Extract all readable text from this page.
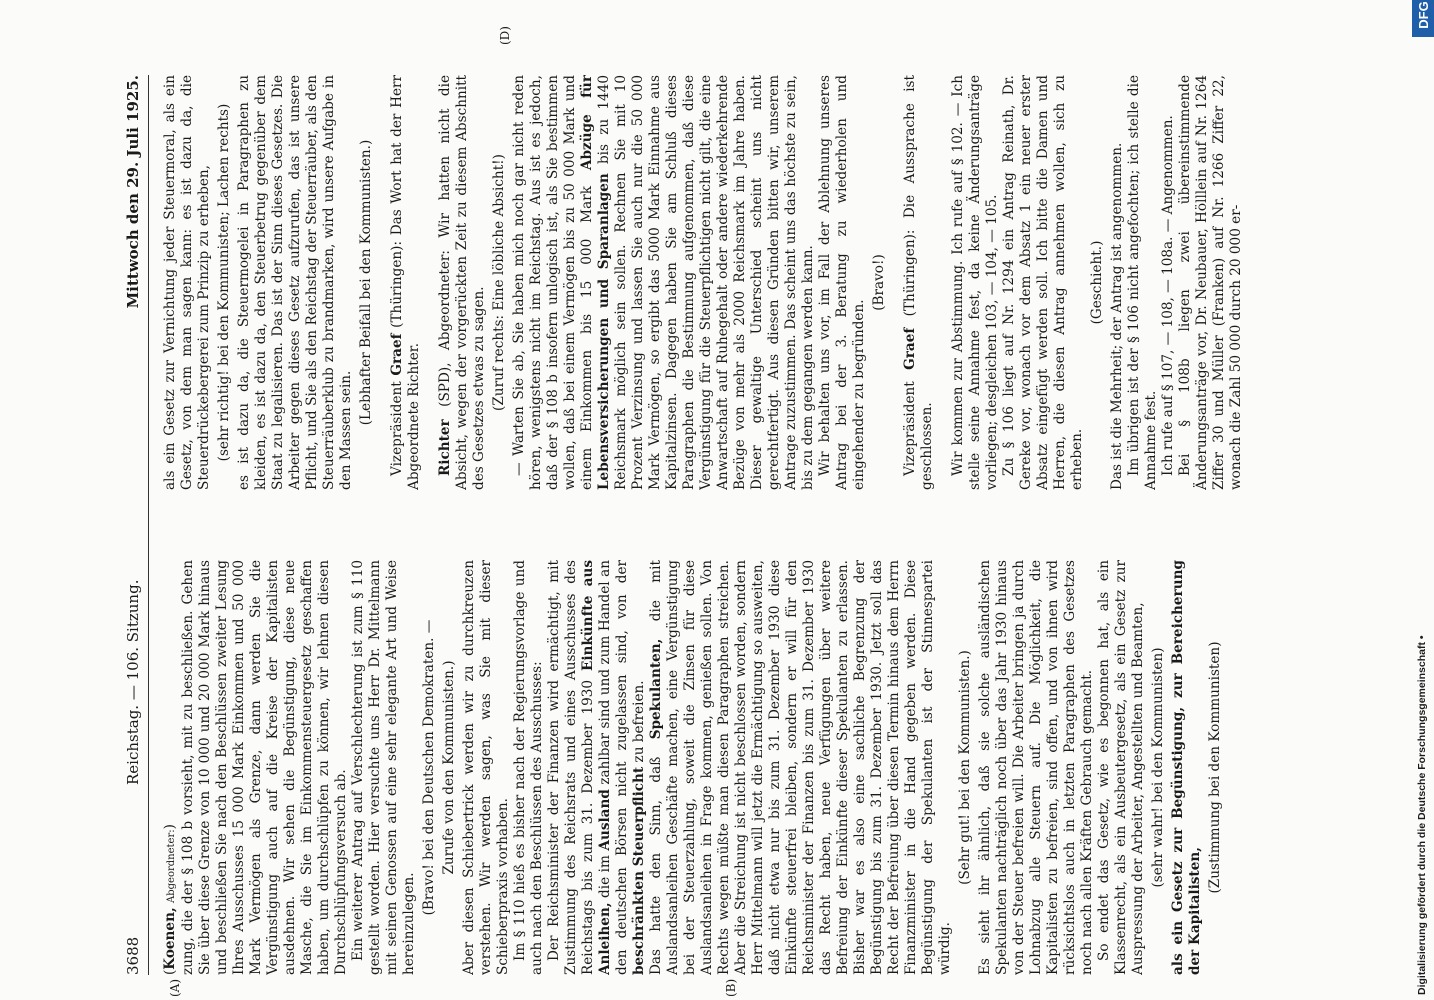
3688
Reichstag. — 106. Sitzung.
Mittwoch den 29. Juli 1925.
(A)	(B)
(D)

(Koenen, Abgeordneter:) zung, die der § 108 b vorsieht, mit zu beschließen. Gehen Sie über diese Grenze von 10 000 und 20 000 Mark hinaus und beschließen Sie nach den Beschlüssen zweiter Lesung Ihres Ausschusses 15 000 Mark Einkommen und 50 000 Mark Vermögen als Grenze, dann werden Sie die Vergünstigung auch auf die Kreise der Kapitalisten ausdehnen. Wir sehen die Begünstigung, diese neue Masche, die Sie im Einkommensteuergesetz geschaffen haben, um durchschlüpfen zu können, wir lehnen diesen Durchschlüpfungsversuch ab. Ein weiterer Antrag auf Verschlechterung ist zum § 110 gestellt worden. Hier versuchte uns Herr Dr. Mittelmann mit seinen Genossen auf eine sehr elegante Art und Weise hereinzulegen.

(Bravo! bei den Deutschen Demokraten. — Zurufe von den Kommunisten.) Aber diesen Schiebertrick werden wir zu durchkreuzen verstehen. Wir werden sagen, was Sie mit dieser Schieberpraxis vorhaben. Im § 110 hieß es bisher nach der Regierungsvorlage und auch nach den Beschlüssen des Ausschusses: Der Reichsminister der Finanzen wird ermächtigt, mit Zustimmung des Reichsrats und eines Ausschusses des Reichstags bis zum 31. Dezember 1930 Einkünfte aus Anleihen, die im Ausland zahlbar sind und zum Handel an den deutschen Börsen nicht zugelassen sind, von der beschränkten Steuerpflicht zu befreien.

Das hatte den Sinn, daß Spekulanten, die mit Auslandsanleihen Geschäfte machen, eine Vergünstigung bei der Steuerzahlung, soweit die Zinsen für diese Auslandsanleihen in Frage kommen, genießen sollen. Von Rechts wegen müßte man diesen Paragraphen streichen. Aber die Streichung ist nicht beschlossen worden, sondern Herr Mittelmann will jetzt die Ermächtigung so ausweiten, daß nicht etwa nur bis zum 31. Dezember 1930 diese Einkünfte steuerfrei bleiben, sondern er will für den Reichsminister der Finanzen bis zum 31. Dezember 1930 das Recht haben, neue Verfügungen über weitere Befreiung der Einkünfte dieser Spekulanten zu erlassen. Bisher war es also eine sachliche Begrenzung der Begünstigung bis zum 31. Dezember 1930. Jetzt soll das Recht der Befreiung über diesen Termin hinaus dem Herrn Finanzminister in die Hand gegeben werden. Diese Begünstigung der Spekulanten ist der Stinnespartei würdig.

(Sehr gut! bei den Kommunisten.) Es sieht ihr ähnlich, daß sie solche ausländischen Spekulanten nachträglich noch über das Jahr 1930 hinaus von der Steuer befreien will. Die Arbeiter bringen ja durch Lohnabzug alle Steuern auf. Die Möglichkeit, die Kapitalisten zu befreien, sind offen, und von ihnen wird rücksichtslos auch in letzten Paragraphen des Gesetzes noch nach allen Kräften Gebrauch gemacht. So endet das Gesetz, wie es begonnen hat, als ein Klassenrecht, als ein Ausbeutergesetz, als ein Gesetz zur Auspressung der Arbeiter, Angestellten und Beamten, (sehr wahr! bei den Kommunisten) als ein Gesetz zur Begünstigung, zur Bereicherung der Kapitalisten,

(Zustimmung bei den Kommunisten)

als ein Gesetz zur Vernichtung jeder Steuermoral, als ein Gesetz, von dem man sagen kann: es ist dazu da, die Steuerdrückebergerei zum Prinzip zu erheben, (sehr richtig! bei den Kommunisten; Lachen rechts) es ist dazu da, die Steuermogelei in Paragraphen zu kleiden, es ist dazu da, den Steuerbetrug gegenüber dem Staat zu legalisieren. Das ist der Sinn dieses Gesetzes. Die Arbeiter gegen dieses Gesetz aufzurufen, das ist unsere Pflicht, und Sie als den Reichstag der Steuerräuber, als den Steuerräuberklub zu brandmarken, wird unsere Aufgabe in den Massen sein.

(Lebhafter Beifall bei den Kommunisten.)

Vizepräsident Graef (Thüringen): Das Wort hat der Herr Abgeordnete Richter. Richter (SPD), Abgeordneter: Wir hatten nicht die Absicht, wegen der vorgerückten Zeit zu diesem Abschnitt des Gesetzes etwas zu sagen. (Zuruf rechts: Eine löbliche Absicht!) — Warten Sie ab, Sie haben mich noch gar nicht reden hören, wenigstens nicht im Reichstag. Aus ist es jedoch, daß der § 108 b insofern unlogisch ist, als Sie bestimmen wollen, daß bei einem Vermögen bis zu 50 000 Mark und einem Einkommen bis 15 000 Mark Abzüge für Lebensversicherungen und Sparanlagen bis zu 1440 Reichsmark möglich sein sollen. Rechnen Sie mit 10 Prozent Verzinsung und lassen Sie auch nur die 50 000 Mark Vermögen, so ergibt das 5000 Mark Einnahme aus Kapitalzinsen. Dagegen haben Sie am Schluß dieses Paragraphen die Bestimmung aufgenommen, daß diese Vergünstigung für die Steuerpflichtigen nicht gilt, die eine Anwartschaft auf Ruhegehalt oder andere wiederkehrende Bezüge von mehr als 2000 Reichsmark im Jahre haben. Dieser gewaltige Unterschied scheint uns nicht gerechtfertigt. Aus diesen Gründen bitten wir, unserem Antrage zuzustimmen. Das scheint uns das höchste zu sein, bis zu dem gegangen werden kann. Wir behalten uns vor, im Fall der Ablehnung unseres Antrag bei der 3. Beratung zu wiederholen und eingehender zu begründen.

(Bravo!)

Vizepräsident Graef (Thüringen): Die Aussprache ist geschlossen. Wir kommen zur Abstimmung. Ich rufe auf § 102. — Ich stelle seine Annahme fest, da keine Änderungsanträge vorliegen; desgleichen 103, — 104, — 105. Zu § 106 liegt auf Nr. 1294 ein Antrag Reinath, Dr. Gereke vor, wonach vor dem Absatz 1 ein neuer erster Absatz eingefügt werden soll. Ich bitte die Damen und Herren, die diesen Antrag annehmen wollen, sich zu erheben.

(Geschieht.) Das ist die Mehrheit; der Antrag ist angenommen. Im übrigen ist der § 106 nicht angefochten; ich stelle die Annahme fest. Ich rufe auf § 107, — 108, — 108a. — Angenommen. Bei § 108b liegen zwei übereinstimmende Änderungsanträge vor, Dr. Neubauer, Hölllein auf Nr. 1264 Ziffer 30 und Müller (Franken) auf Nr. 1266 Ziffer 22, wonach die Zahl 50 000 durch 20 000 er-

Digitalisierung gefördert durch die Deutsche Forschungsgemeinschaft •
DFG
